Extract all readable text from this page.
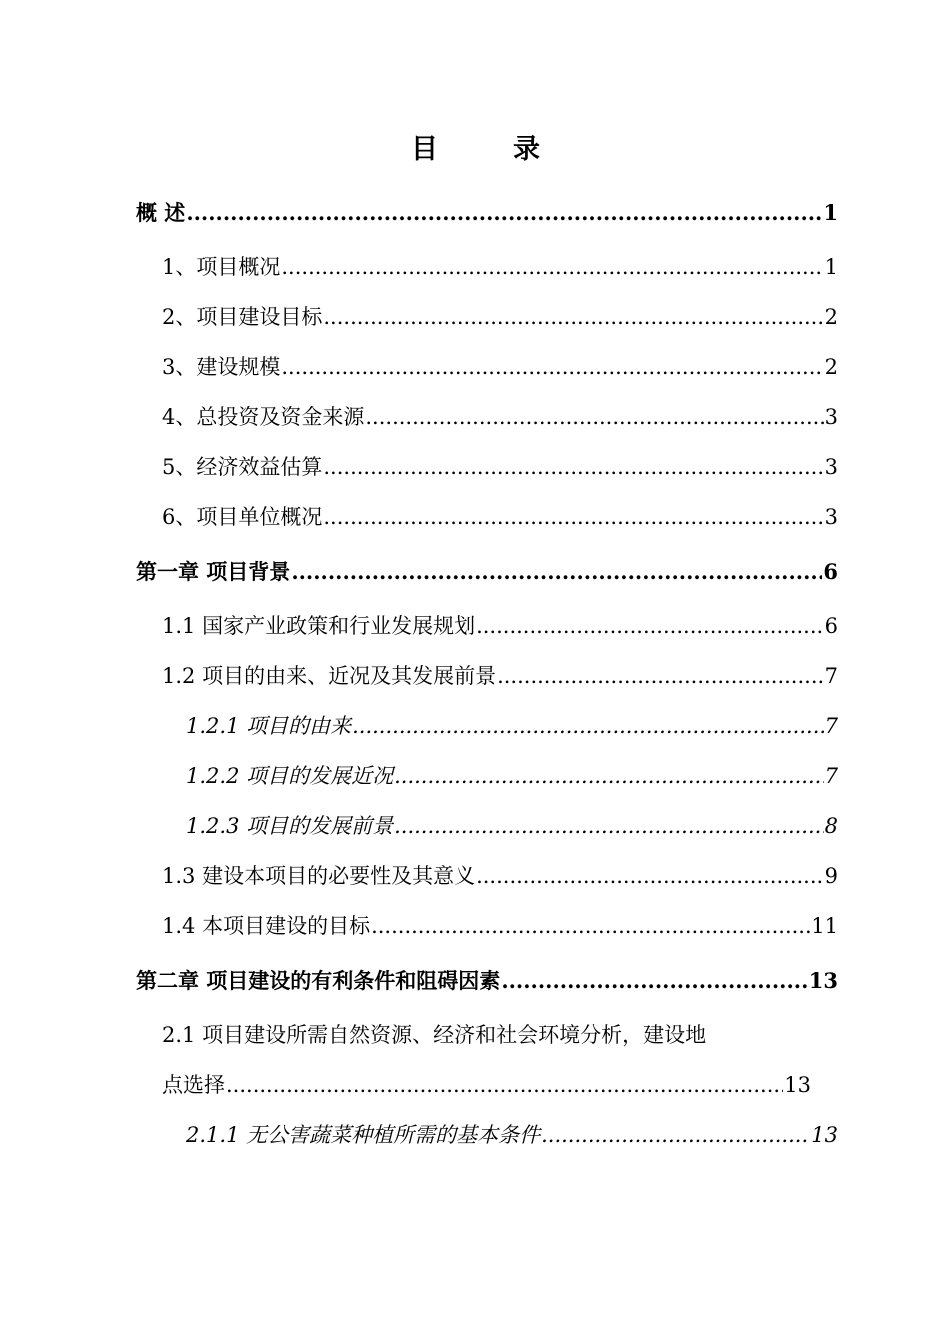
目　录
概 述 .....	1
1、项目概况 .....	1
2、项目建设目标 .....	2
3、建设规模 .....	2
4、总投资及资金来源 .....	3
5、经济效益估算 .....	3
6、项目单位概况 .....	3
第一章 项目背景 .....	6
1.1 国家产业政策和行业发展规划 .....	6
1.2 项目的由来、近况及其发展前景 .....	7
1.2.1 项目的由来 .....	7
1.2.2 项目的发展近况 .....	7
1.2.3 项目的发展前景 .....	8
1.3 建设本项目的必要性及其意义 .....	9
1.4 本项目建设的目标 .....	11
第二章 项目建设的有利条件和阻碍因素 .....	13
2.1 项目建设所需自然资源、经济和社会环境分析，建设地
点选择 .....	13
2.1.1 无公害蔬菜种植所需的基本条件 .....	13
